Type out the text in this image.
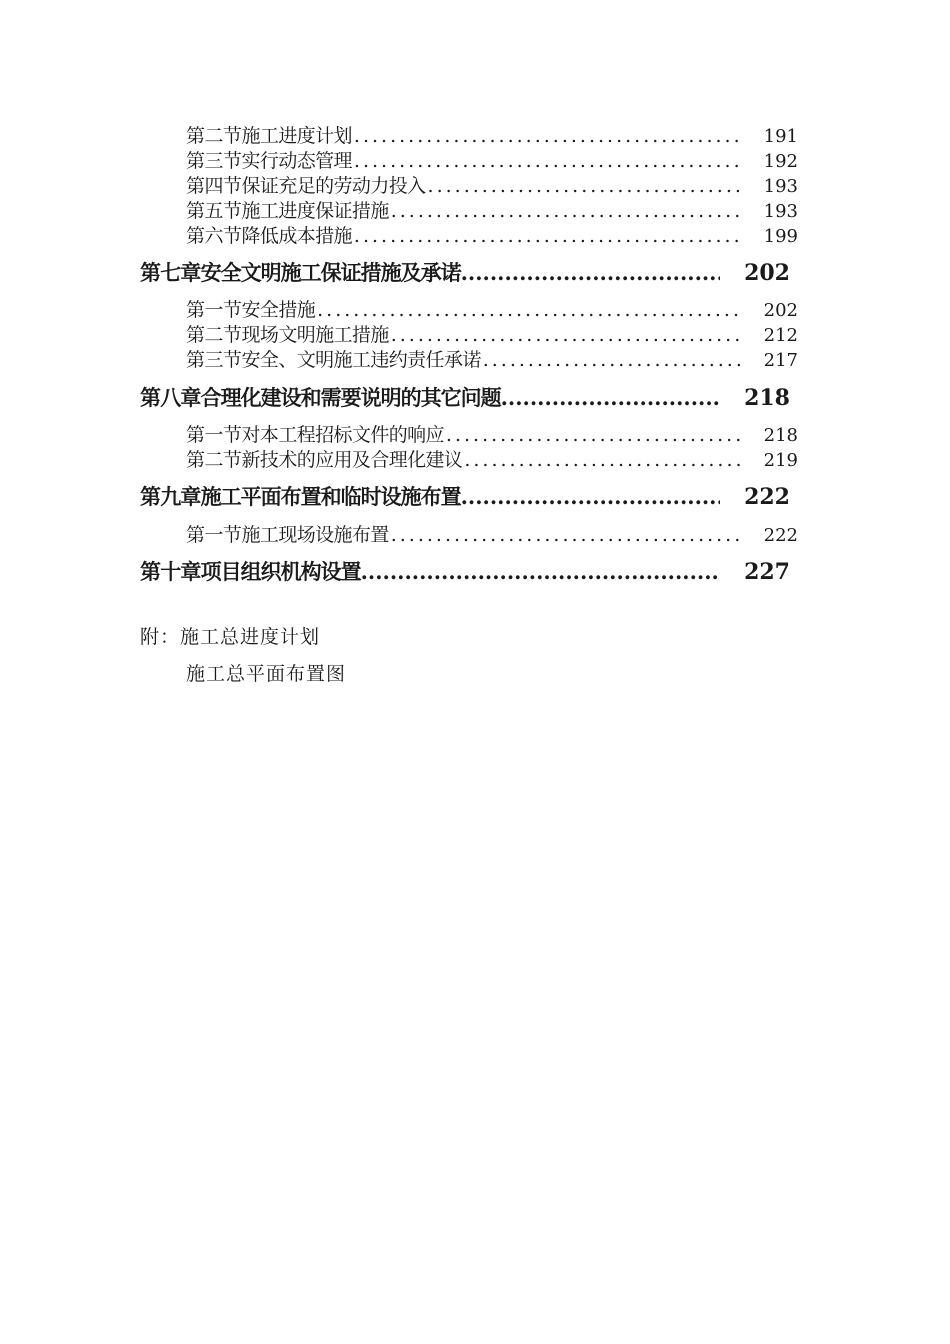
第二节 施工进度计划 .....	191
第三节 实行动态管理 .....	192
第四节 保证充足的劳动力投入 .....	193
第五节 施工进度保证措施 .....	193
第六节 降低成本措施 .....	199
第七章 安全文明施工保证措施及承诺 .....	202
第一节 安全措施 .....	202
第二节 现场文明施工措施 .....	212
第三节 安全、文明施工违约责任承诺 .....	217
第八章 合理化建设和需要说明的其它问题 .....	218
第一节 对本工程招标文件的响应 .....	218
第二节 新技术的应用及合理化建议 .....	219
第九章 施工平面布置和临时设施布置 .....	222
第一节 施工现场设施布置 .....	222
第十章 项目组织机构设置 .....	227
附：施工总进度计划
施工总平面布置图
